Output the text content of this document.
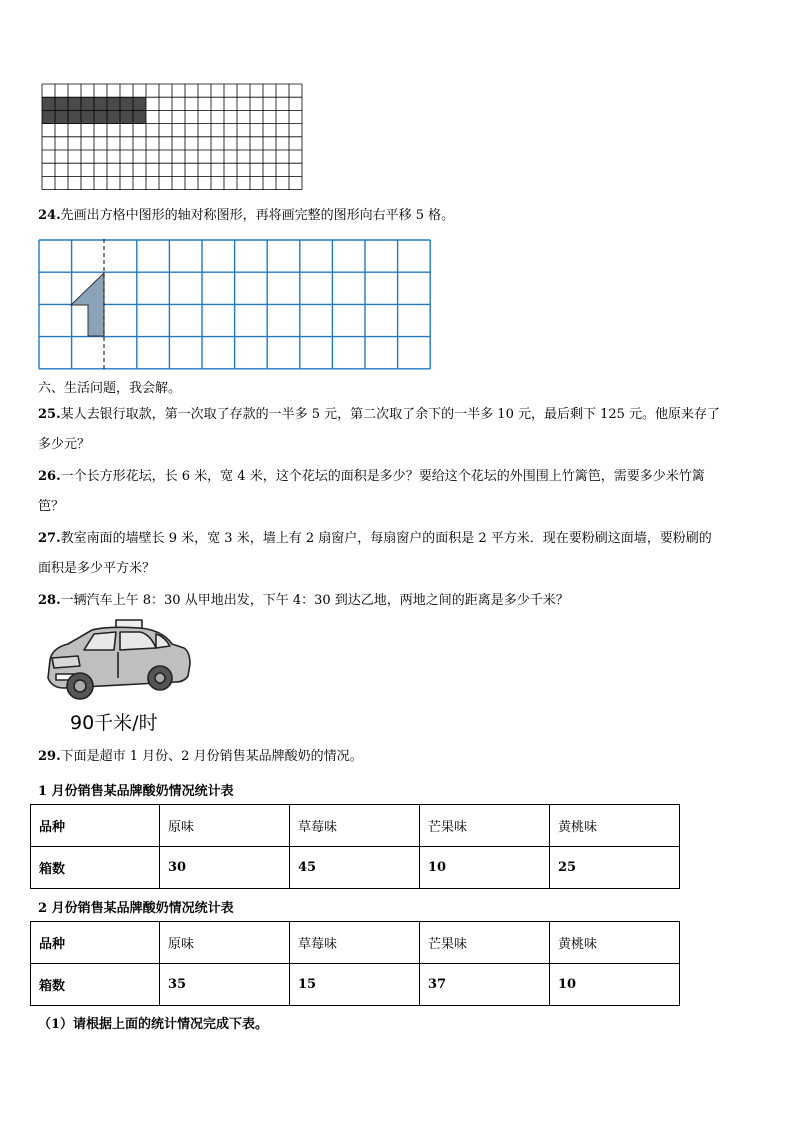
24.先画出方格中图形的轴对称图形，再将画完整的图形向右平移 5 格。
六、生活问题，我会解。
25.某人去银行取款，第一次取了存款的一半多 5 元，第二次取了余下的一半多 10 元，最后剩下 125 元。他原来存了
多少元？
26.一个长方形花坛，长 6 米，宽 4 米，这个花坛的面积是多少？要给这个花坛的外围围上竹篱笆，需要多少米竹篱
笆？
27.教室南面的墙壁长 9 米，宽 3 米，墙上有 2 扇窗户，每扇窗户的面积是 2 平方米．现在要粉刷这面墙，要粉刷的
面积是多少平方米？
28.一辆汽车上午 8：30 从甲地出发，下午 4：30 到达乙地，两地之间的距离是多少千米？
90千米/时
29.下面是超市 1 月份、2 月份销售某品牌酸奶的情况。
1 月份销售某品牌酸奶情况统计表
品种	原味	草莓味	芒果味	黄桃味
箱数	30	45	10	25
2 月份销售某品牌酸奶情况统计表
品种	原味	草莓味	芒果味	黄桃味
箱数	35	15	37	10
（1）请根据上面的统计情况完成下表。
